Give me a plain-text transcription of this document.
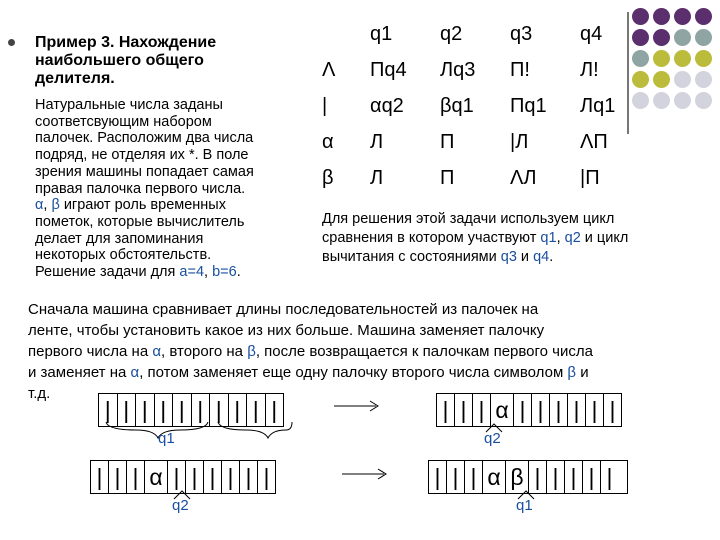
Пример 3. Нахождение
наибольшего общего
делителя.
Натуральные числа заданы
соответсвующим набором
палочек. Расположим два числа
подряд, не отделяя их *. В поле
зрения машины попадает самая
правая палочка первого числа.
α, β играют роль временных
пометок, которые вычислитель
делает для запоминания
некоторых обстоятельств.
Решение задачи для a=4, b=6.
	q1	q2	q3	q4
Λ	Пq4	Лq3	П!	Л!
|	αq2	βq1	Пq1	Лq1
α	Л	П	|Л	ΛП
β	Л	П	ΛЛ	|П
Для решения этой задачи используем цикл
сравнения в котором участвуют q1, q2 и цикл
вычитания с состояниями q3 и q4.
Сначала машина сравнивает длины последовательностей из палочек на
ленте, чтобы установить какое из них больше. Машина заменяет палочку
первого числа на α, второго на β, после возвращается к палочкам первого числа
и заменяет на α, потом заменяет еще одну палочку второго числа символом β и
т.д.
| | | | | | | | | |
q1
| | | α | | | | | |
q2
| | | α | | | | | |
q2
| | | α β | | | | |
q1
